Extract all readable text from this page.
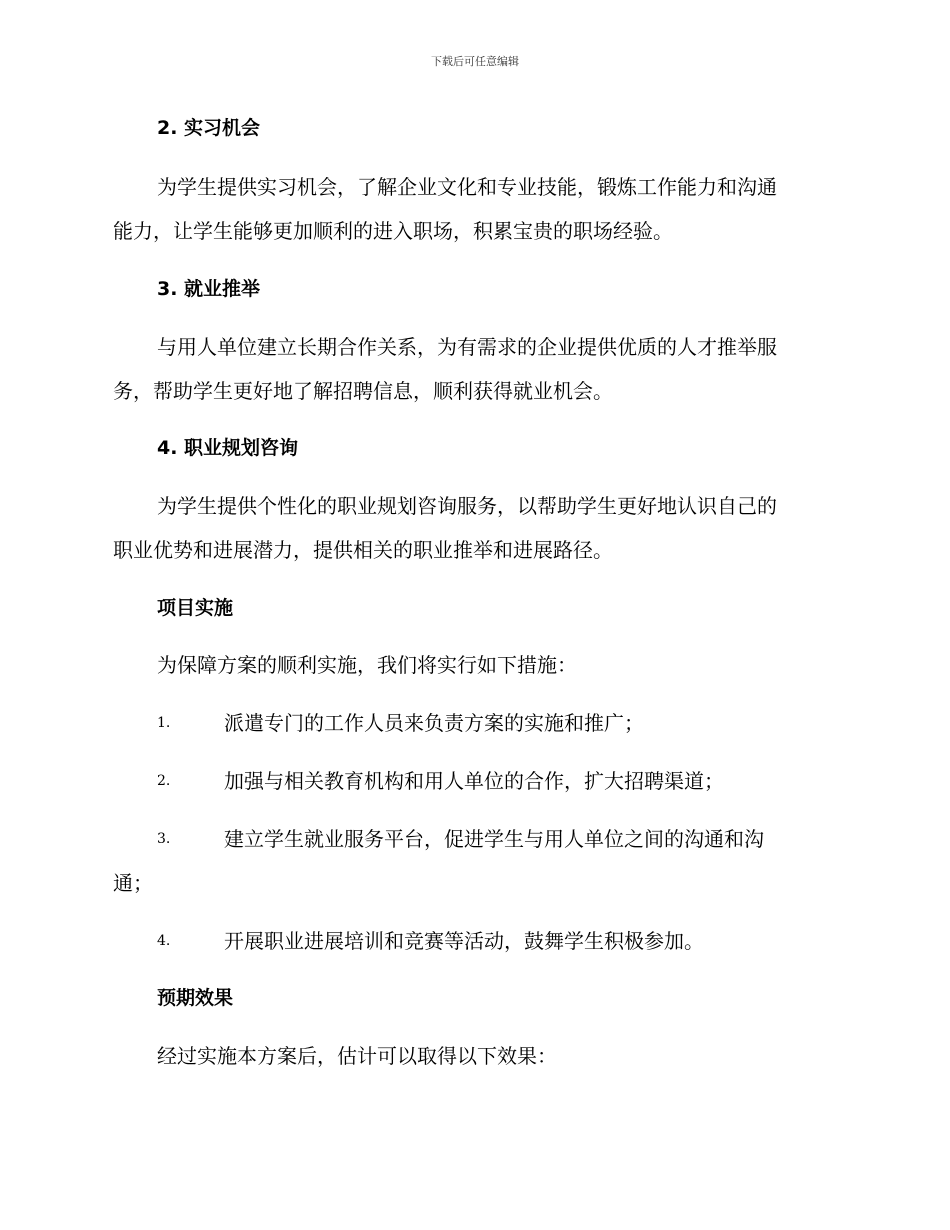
下载后可任意编辑
2. 实习机会
为学生提供实习机会，了解企业文化和专业技能，锻炼工作能力和沟通
能力，让学生能够更加顺利的进入职场，积累宝贵的职场经验。
3. 就业推举
与用人单位建立长期合作关系，为有需求的企业提供优质的人才推举服
务，帮助学生更好地了解招聘信息，顺利获得就业机会。
4. 职业规划咨询
为学生提供个性化的职业规划咨询服务，以帮助学生更好地认识自己的
职业优势和进展潜力，提供相关的职业推举和进展路径。
项目实施
为保障方案的顺利实施，我们将实行如下措施：
1.	派遣专门的工作人员来负责方案的实施和推广；
2.	加强与相关教育机构和用人单位的合作，扩大招聘渠道；
3.	建立学生就业服务平台，促进学生与用人单位之间的沟通和沟
通；
4.	开展职业进展培训和竞赛等活动，鼓舞学生积极参加。
预期效果
经过实施本方案后，估计可以取得以下效果：
